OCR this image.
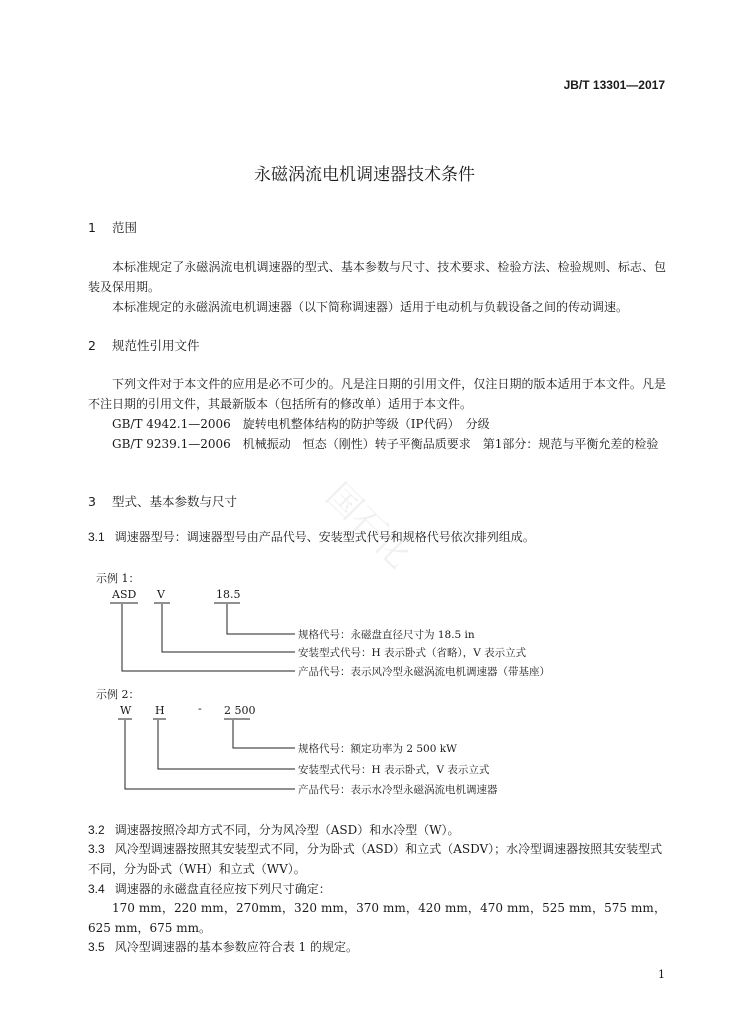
JB/T 13301—2017
永磁涡流电机调速器技术条件
1 范围
本标准规定了永磁涡流电机调速器的型式、基本参数与尺寸、技术要求、检验方法、检验规则、标志、包装及保用期。
本标准规定的永磁涡流电机调速器（以下简称调速器）适用于电动机与负载设备之间的传动调速。
2 规范性引用文件
下列文件对于本文件的应用是必不可少的。凡是注日期的引用文件，仅注日期的版本适用于本文件。凡是不注日期的引用文件，其最新版本（包括所有的修改单）适用于本文件。
GB/T 4942.1—2006　旋转电机整体结构的防护等级（IP代码）　分级
GB/T 9239.1—2006　机械振动　恒态（刚性）转子平衡品质要求　第1部分：规范与平衡允差的检验
3 型式、基本参数与尺寸
3.1 调速器型号：调速器型号由产品代号、安装型式代号和规格代号依次排列组成。
示例 1：
ASD V	18.5
规格代号：永磁盘直径尺寸为 18.5 in
安装型式代号：H 表示卧式（省略），V 表示立式
产品代号：表示风冷型永磁涡流电机调速器（带基座）
示例 2：
W H	- 2 500
规格代号：额定功率为 2 500 kW
安装型式代号：H 表示卧式，V 表示立式
产品代号：表示水冷型永磁涡流电机调速器
3.2 调速器按照冷却方式不同，分为风冷型（ASD）和水冷型（W）。
3.3 风冷型调速器按照其安装型式不同，分为卧式（ASD）和立式（ASDV）；水冷型调速器按照其安装型式不同，分为卧式（WH）和立式（WV）。
3.4 调速器的永磁盘直径应按下列尺寸确定：
170 mm，220 mm，270mm，320 mm，370 mm，420 mm，470 mm，525 mm，575 mm，625 mm，675 mm。
3.5 风冷型调速器的基本参数应符合表 1 的规定。
国石化
1
